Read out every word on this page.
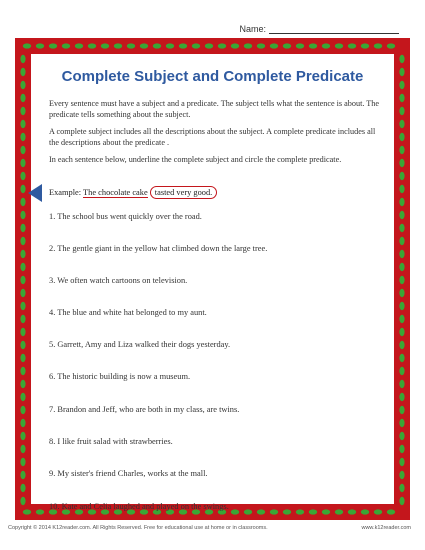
Name:
Complete Subject and Complete Predicate

Every sentence must have a subject and a predicate. The subject tells what the sentence is about. The predicate tells something about the subject.

A complete subject includes all the descriptions about the subject. A complete predicate includes all the descriptions about the predicate .

In each sentence below, underline the complete subject and circle the complete predicate.

Example: The chocolate cake tasted very good.
1. The school bus went quickly over the road.
2. The gentle giant in the yellow hat climbed down the large tree.
3. We often watch cartoons on television.
4. The blue and white hat belonged to my aunt.
5. Garrett, Amy and Liza walked their dogs yesterday.
6. The historic building is now a museum.
7. Brandon and Jeff, who are both in my class, are twins.
8. I like fruit salad with strawberries.
9. My sister's friend Charles, works at the mall.
10. Kate and Celia laughed and played on the swings.
Copyright © 2014 K12reader.com. All Rights Reserved. Free for educational use at home or in classrooms.	www.k12reader.com
